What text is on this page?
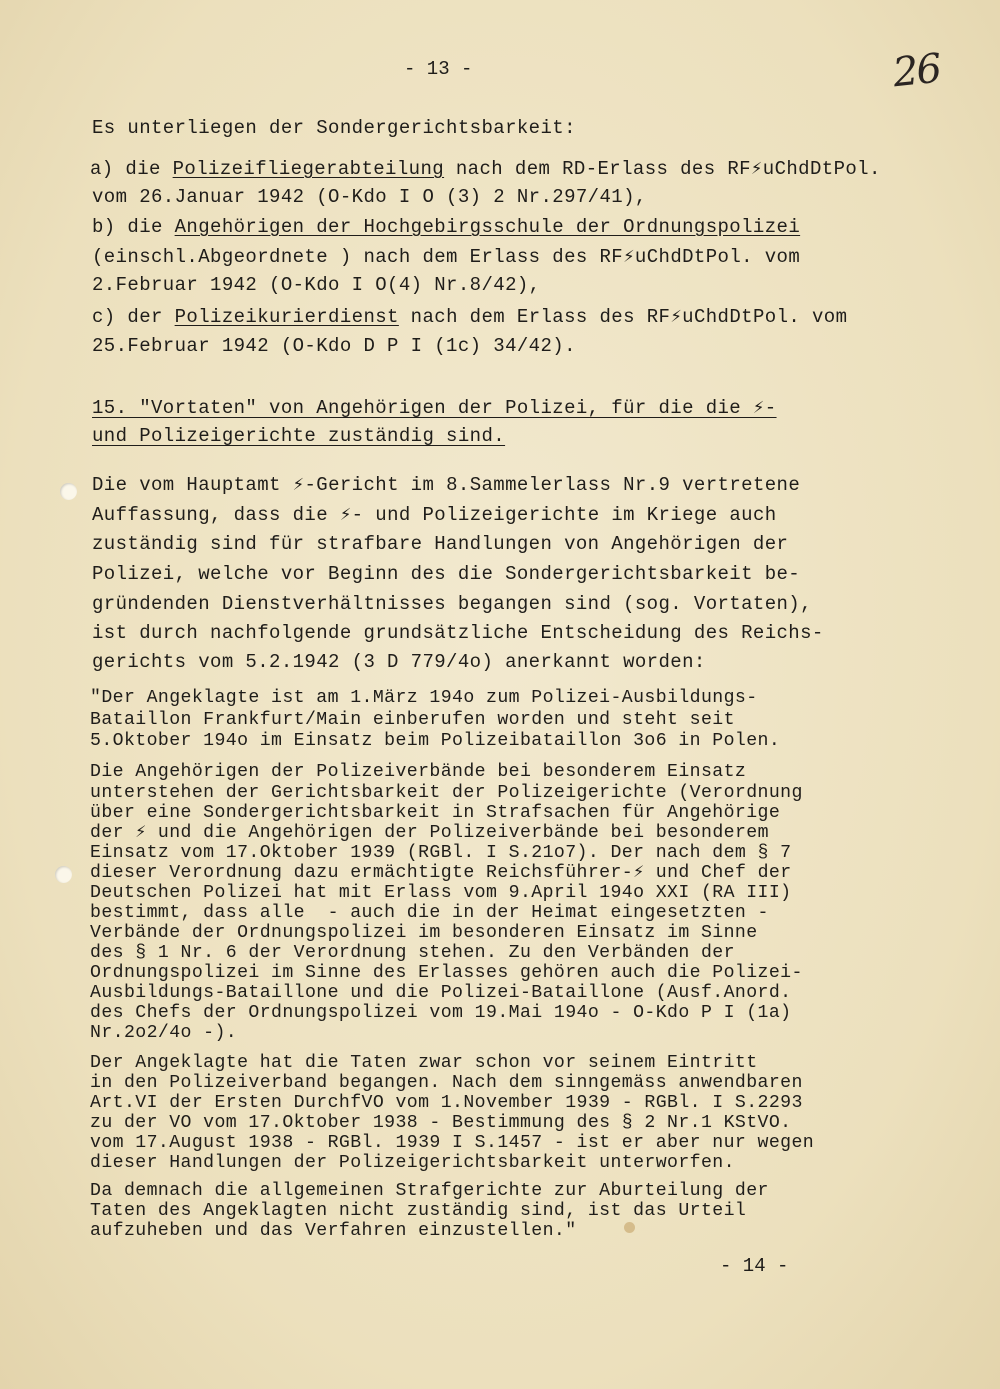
- 13 -	26
Es unterliegen der Sondergerichtsbarkeit:
a) die Polizeifliegerabteilung nach dem RD-Erlass des RF⚡uChdDtPol.
vom 26.Januar 1942 (O-Kdo I O (3) 2 Nr.297/41),
b) die Angehörigen der Hochgebirgsschule der Ordnungspolizei
(einschl.Abgeordnete ) nach dem Erlass des RF⚡uChdDtPol. vom
2.Februar 1942 (O-Kdo I O(4) Nr.8/42),
c) der Polizeikurierdienst nach dem Erlass des RF⚡uChdDtPol. vom
25.Februar 1942 (O-Kdo D P I (1c) 34/42).
15. "Vortaten" von Angehörigen der Polizei, für die die ⚡-
und Polizeigerichte zuständig sind.
Die vom Hauptamt ⚡-Gericht im 8.Sammelerlass Nr.9 vertretene
Auffassung, dass die ⚡- und Polizeigerichte im Kriege auch
zuständig sind für strafbare Handlungen von Angehörigen der
Polizei, welche vor Beginn des die Sondergerichtsbarkeit be-
gründenden Dienstverhältnisses begangen sind (sog. Vortaten),
ist durch nachfolgende grundsätzliche Entscheidung des Reichs-
gerichts vom 5.2.1942 (3 D 779/4o) anerkannt worden:
"Der Angeklagte ist am 1.März 194o zum Polizei-Ausbildungs-
Bataillon Frankfurt/Main einberufen worden und steht seit
5.Oktober 194o im Einsatz beim Polizeibataillon 3o6 in Polen.
Die Angehörigen der Polizeiverbände bei besonderem Einsatz
unterstehen der Gerichtsbarkeit der Polizeigerichte (Verordnung
über eine Sondergerichtsbarkeit in Strafsachen für Angehörige
der ⚡ und die Angehörigen der Polizeiverbände bei besonderem
Einsatz vom 17.Oktober 1939 (RGBl. I S.21o7). Der nach dem § 7
dieser Verordnung dazu ermächtigte Reichsführer-⚡ und Chef der
Deutschen Polizei hat mit Erlass vom 9.April 194o XXI (RA III)
bestimmt, dass alle  - auch die in der Heimat eingesetzten -
Verbände der Ordnungspolizei im besonderen Einsatz im Sinne
des § 1 Nr. 6 der Verordnung stehen. Zu den Verbänden der
Ordnungspolizei im Sinne des Erlasses gehören auch die Polizei-
Ausbildungs-Bataillone und die Polizei-Bataillone (Ausf.Anord.
des Chefs der Ordnungspolizei vom 19.Mai 194o - O-Kdo P I (1a)
Nr.2o2/4o -).
Der Angeklagte hat die Taten zwar schon vor seinem Eintritt
in den Polizeiverband begangen. Nach dem sinngemäss anwendbaren
Art.VI der Ersten DurchfVO vom 1.November 1939 - RGBl. I S.2293
zu der VO vom 17.Oktober 1938 - Bestimmung des § 2 Nr.1 KStVO.
vom 17.August 1938 - RGBl. 1939 I S.1457 - ist er aber nur wegen
dieser Handlungen der Polizeigerichtsbarkeit unterworfen.
Da demnach die allgemeinen Strafgerichte zur Aburteilung der
Taten des Angeklagten nicht zuständig sind, ist das Urteil
aufzuheben und das Verfahren einzustellen."
- 14 -
